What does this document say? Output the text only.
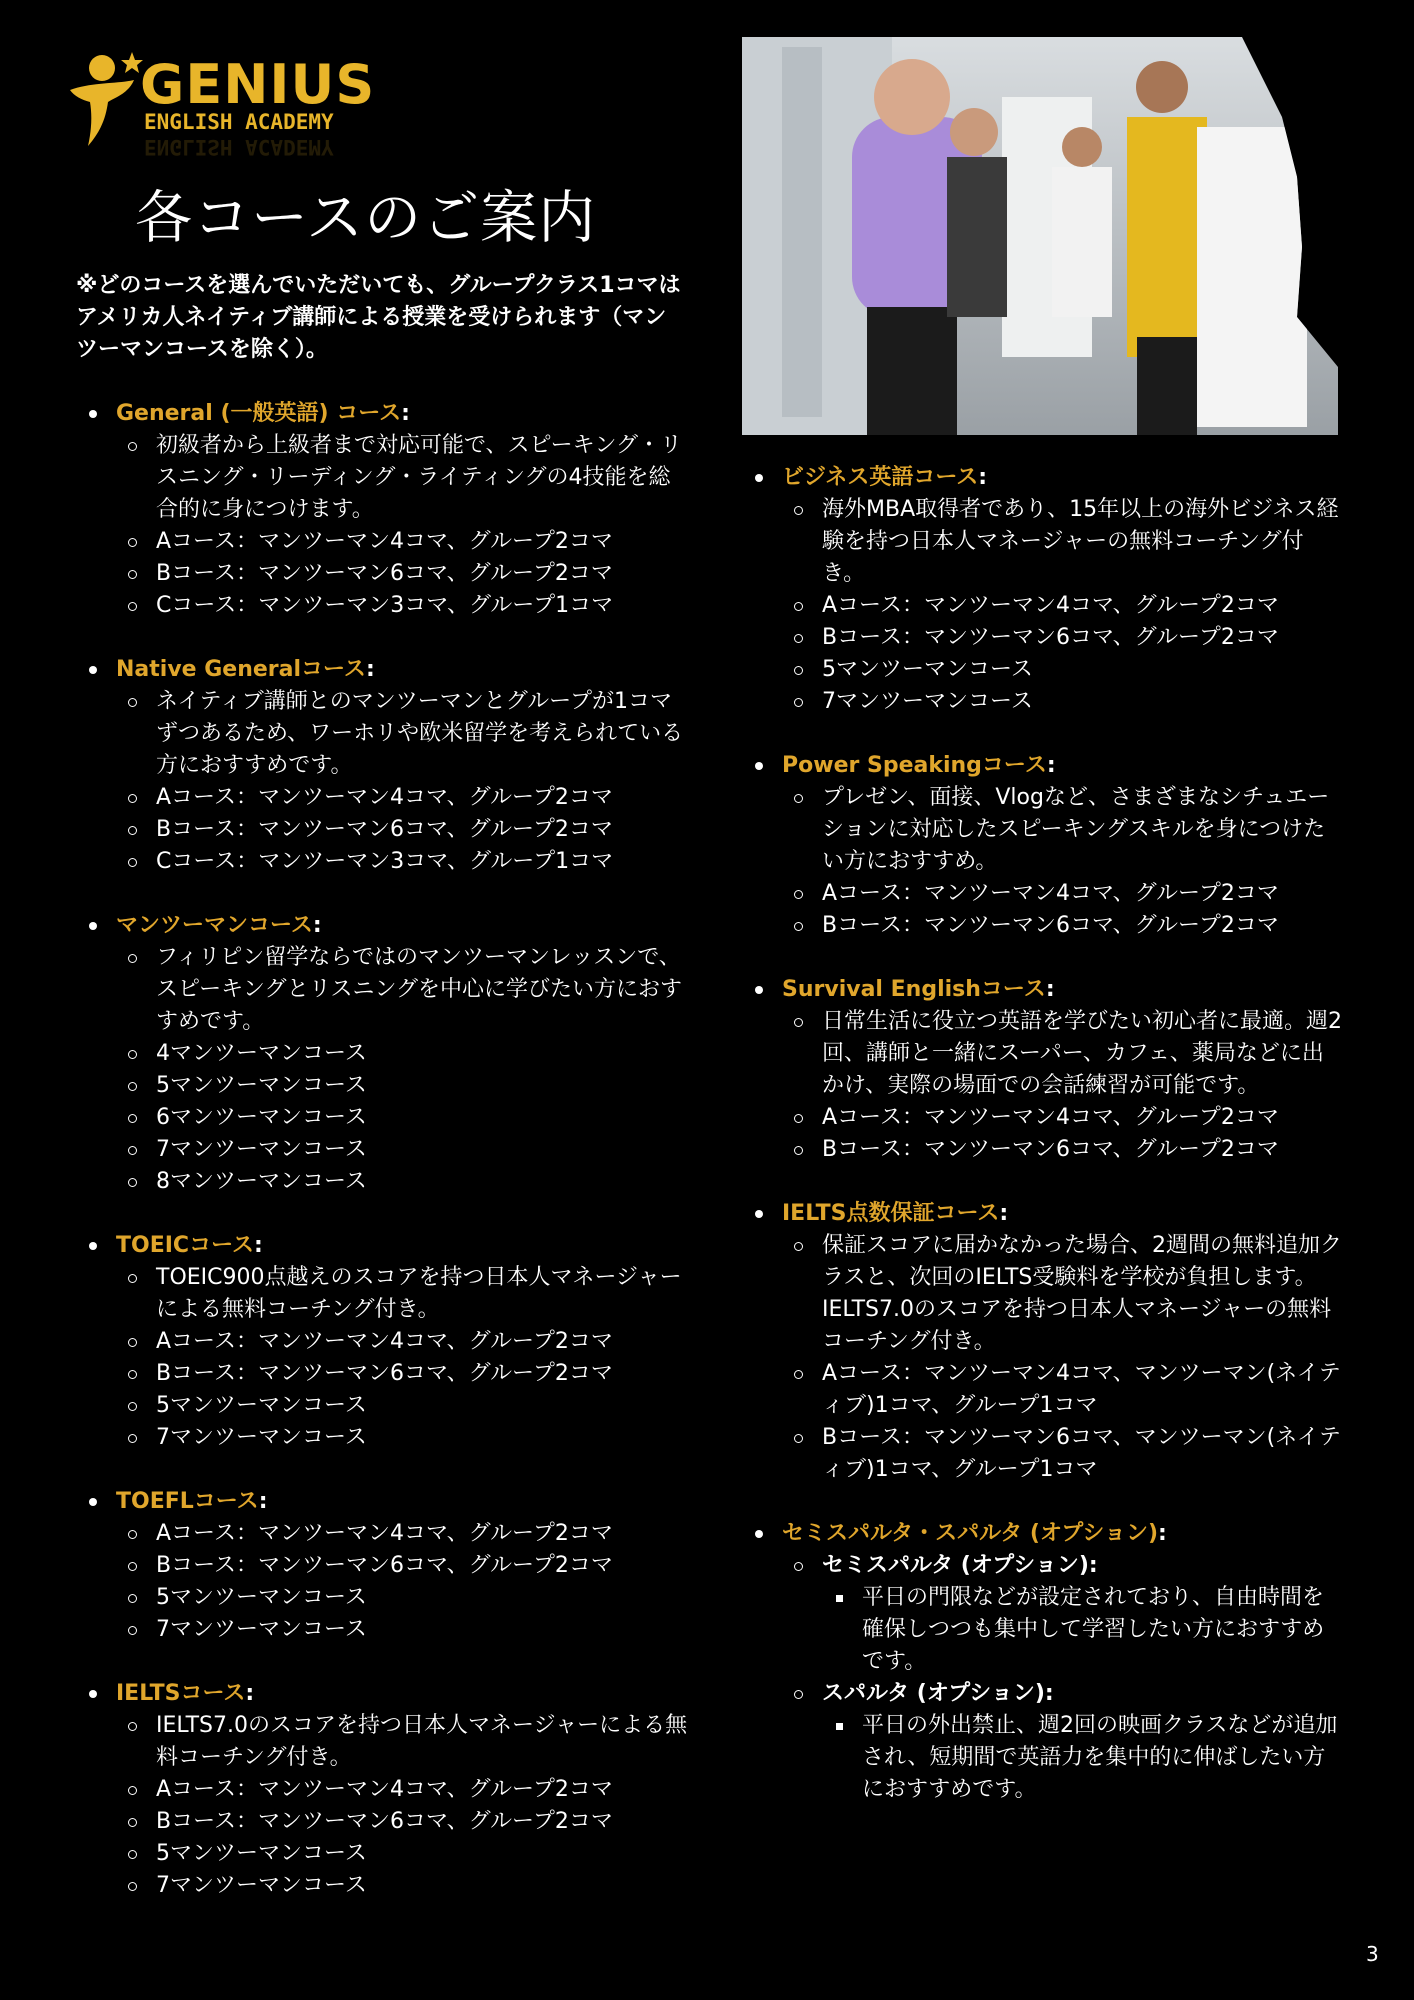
GENIUS
ENGLISH ACADEMY
ENGLISH ACADEMY
各コースのご案内

※どのコースを選んでいただいても、グループクラス1コマはアメリカ人ネイティブ講師による授業を受けられます（マンツーマンコースを除く）。

General (一般英語) コース:
初級者から上級者まで対応可能で、スピーキング・リスニング・リーディング・ライティングの4技能を総合的に身につけます。
Aコース：マンツーマン4コマ、グループ2コマ
Bコース：マンツーマン6コマ、グループ2コマ
Cコース：マンツーマン3コマ、グループ1コマ
Native Generalコース:
ネイティブ講師とのマンツーマンとグループが1コマずつあるため、ワーホリや欧米留学を考えられている方におすすめです。
Aコース：マンツーマン4コマ、グループ2コマ
Bコース：マンツーマン6コマ、グループ2コマ
Cコース：マンツーマン3コマ、グループ1コマ
マンツーマンコース:
フィリピン留学ならではのマンツーマンレッスンで、スピーキングとリスニングを中心に学びたい方におすすめです。
4マンツーマンコース
5マンツーマンコース
6マンツーマンコース
7マンツーマンコース
8マンツーマンコース
TOEICコース:
TOEIC900点越えのスコアを持つ日本人マネージャーによる無料コーチング付き。
Aコース：マンツーマン4コマ、グループ2コマ
Bコース：マンツーマン6コマ、グループ2コマ
5マンツーマンコース
7マンツーマンコース
TOEFLコース:
Aコース：マンツーマン4コマ、グループ2コマ
Bコース：マンツーマン6コマ、グループ2コマ
5マンツーマンコース
7マンツーマンコース
IELTSコース:
IELTS7.0のスコアを持つ日本人マネージャーによる無料コーチング付き。
Aコース：マンツーマン4コマ、グループ2コマ
Bコース：マンツーマン6コマ、グループ2コマ
5マンツーマンコース
7マンツーマンコース
ビジネス英語コース:
海外MBA取得者であり、15年以上の海外ビジネス経験を持つ日本人マネージャーの無料コーチング付き。
Aコース：マンツーマン4コマ、グループ2コマ
Bコース：マンツーマン6コマ、グループ2コマ
5マンツーマンコース
7マンツーマンコース
Power Speakingコース:
プレゼン、面接、Vlogなど、さまざまなシチュエーションに対応したスピーキングスキルを身につけたい方におすすめ。
Aコース：マンツーマン4コマ、グループ2コマ
Bコース：マンツーマン6コマ、グループ2コマ
Survival Englishコース:
日常生活に役立つ英語を学びたい初心者に最適。週2回、講師と一緒にスーパー、カフェ、薬局などに出かけ、実際の場面での会話練習が可能です。
Aコース：マンツーマン4コマ、グループ2コマ
Bコース：マンツーマン6コマ、グループ2コマ
IELTS点数保証コース:
保証スコアに届かなかった場合、2週間の無料追加クラスと、次回のIELTS受験料を学校が負担します。IELTS7.0のスコアを持つ日本人マネージャーの無料コーチング付き。
Aコース：マンツーマン4コマ、マンツーマン(ネイティブ)1コマ、グループ1コマ
Bコース：マンツーマン6コマ、マンツーマン(ネイティブ)1コマ、グループ1コマ
セミスパルタ・スパルタ (オプション):
セミスパルタ (オプション):
平日の門限などが設定されており、自由時間を確保しつつも集中して学習したい方におすすめです。
スパルタ (オプション):
平日の外出禁止、週2回の映画クラスなどが追加され、短期間で英語力を集中的に伸ばしたい方におすすめです。
3
